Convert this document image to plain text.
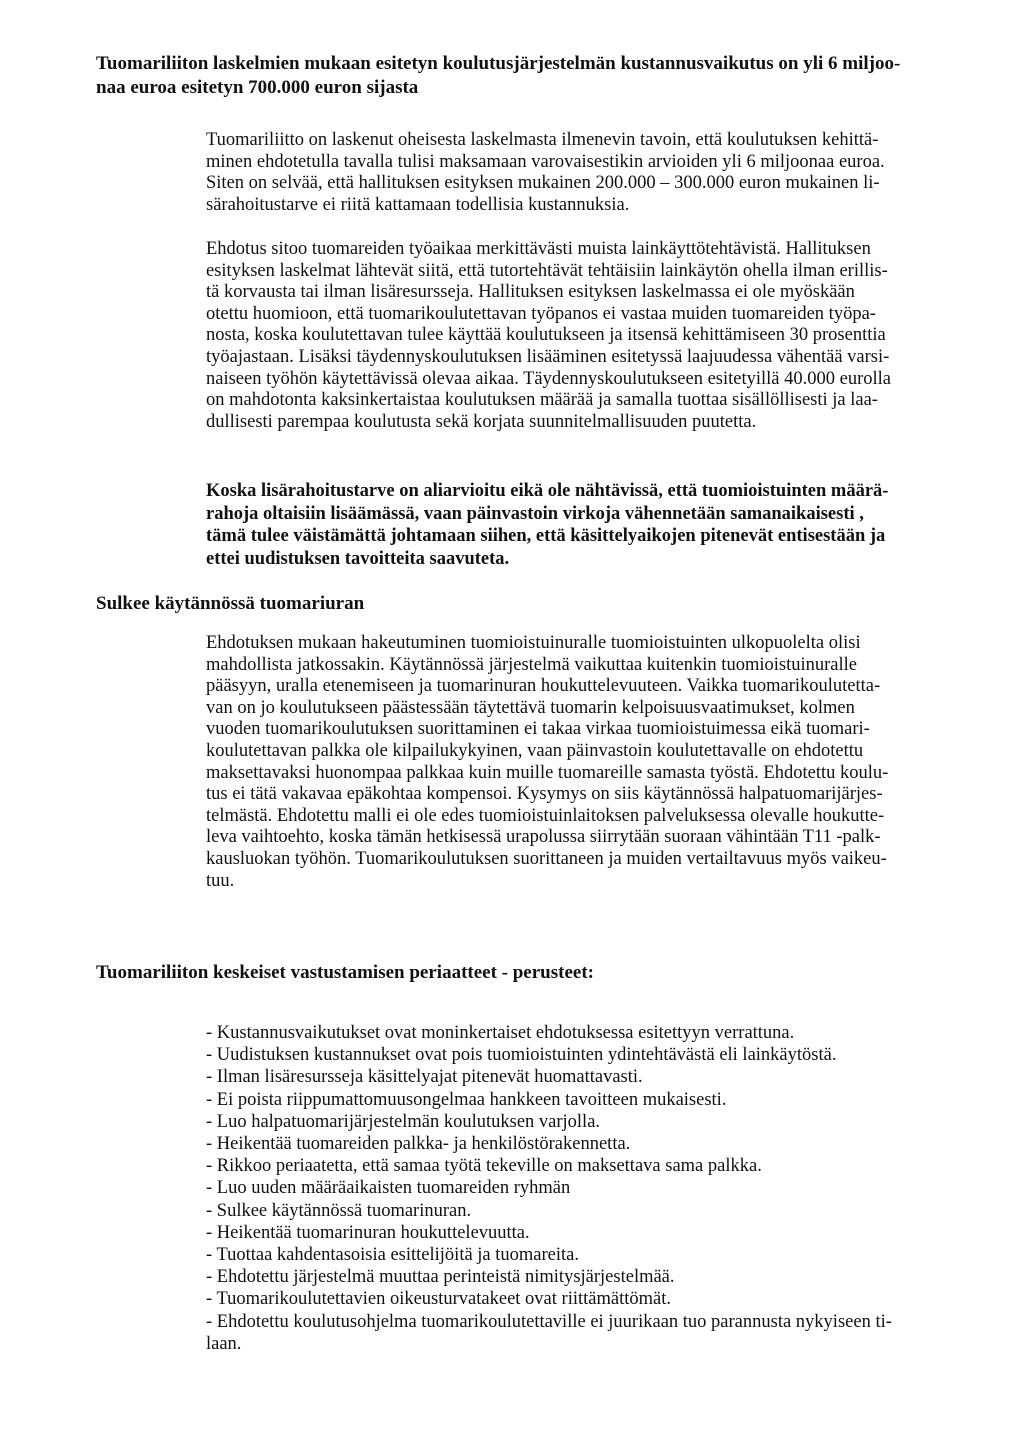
Tuomariliiton laskelmien mukaan esitetyn koulutusjärjestelmän kustannusvaikutus on yli 6 miljoo-
naa euroa esitetyn 700.000 euron sijasta

Tuomariliitto on laskenut oheisesta laskelmasta ilmenevin tavoin, että koulutuksen kehittä-
minen ehdotetulla tavalla tulisi maksamaan varovaisestikin arvioiden yli 6 miljoonaa euroa.
Siten on selvää, että hallituksen esityksen mukainen 200.000 – 300.000 euron mukainen li-
särahoitustarve ei riitä kattamaan todellisia kustannuksia.

Ehdotus sitoo tuomareiden työaikaa merkittävästi muista lainkäyttötehtävistä. Hallituksen
esityksen laskelmat lähtevät siitä, että tutortehtävät tehtäisiin lainkäytön ohella ilman erillis-
tä korvausta tai ilman lisäresursseja. Hallituksen esityksen laskelmassa ei ole myöskään
otettu huomioon, että tuomarikoulutettavan työpanos ei vastaa muiden tuomareiden työpa-
nosta, koska koulutettavan tulee käyttää koulutukseen ja itsensä kehittämiseen 30 prosenttia
työajastaan. Lisäksi täydennyskoulutuksen lisääminen esitetyssä laajuudessa vähentää varsi-
naiseen työhön käytettävissä olevaa aikaa. Täydennyskoulutukseen esitetyillä 40.000 eurolla
on mahdotonta kaksinkertaistaa koulutuksen määrää ja samalla tuottaa sisällöllisesti ja laa-
dullisesti parempaa koulutusta sekä korjata suunnitelmallisuuden puutetta.

Koska lisärahoitustarve on aliarvioitu eikä ole nähtävissä, että tuomioistuinten määrä-
rahoja oltaisiin lisäämässä, vaan päinvastoin virkoja vähennetään samanaikaisesti ,
tämä tulee väistämättä johtamaan siihen, että käsittelyaikojen pitenevät entisestään ja
ettei uudistuksen tavoitteita saavuteta.

Sulkee käytännössä tuomariuran

Ehdotuksen mukaan hakeutuminen tuomioistuinuralle tuomioistuinten ulkopuolelta olisi
mahdollista jatkossakin. Käytännössä järjestelmä vaikuttaa kuitenkin tuomioistuinuralle
pääsyyn, uralla etenemiseen ja tuomarinuran houkuttelevuuteen. Vaikka tuomarikoulutetta-
van on jo koulutukseen päästessään täytettävä tuomarin kelpoisuusvaatimukset, kolmen
vuoden tuomarikoulutuksen suorittaminen ei takaa virkaa tuomioistuimessa eikä tuomari-
koulutettavan palkka ole kilpailukykyinen, vaan päinvastoin koulutettavalle on ehdotettu
maksettavaksi huonompaa palkkaa kuin muille tuomareille samasta työstä. Ehdotettu koulu-
tus ei tätä vakavaa epäkohtaa kompensoi. Kysymys on siis käytännössä halpatuomarijärjes-
telmästä. Ehdotettu malli ei ole edes tuomioistuinlaitoksen palveluksessa olevalle houkutte-
leva vaihtoehto, koska tämän hetkisessä urapolussa siirrytään suoraan vähintään T11 -palk-
kausluokan työhön. Tuomarikoulutuksen suorittaneen ja muiden vertailtavuus myös vaikeu-
tuu.

Tuomariliiton keskeiset vastustamisen periaatteet - perusteet:
- Kustannusvaikutukset ovat moninkertaiset ehdotuksessa esitettyyn verrattuna.
- Uudistuksen kustannukset ovat pois tuomioistuinten ydintehtävästä eli lainkäytöstä.
- Ilman lisäresursseja käsittelyajat pitenevät huomattavasti.
- Ei poista riippumattomuusongelmaa hankkeen tavoitteen mukaisesti.
- Luo halpatuomarijärjestelmän koulutuksen varjolla.
- Heikentää tuomareiden palkka- ja henkilöstörakennetta.
- Rikkoo periaatetta, että samaa työtä tekeville on maksettava sama palkka.
- Luo uuden määräaikaisten tuomareiden ryhmän
- Sulkee käytännössä tuomarinuran.
- Heikentää tuomarinuran houkuttelevuutta.
- Tuottaa kahdentasoisia esittelijöitä ja tuomareita.
- Ehdotettu järjestelmä muuttaa perinteistä nimitysjärjestelmää.
- Tuomarikoulutettavien oikeusturvatakeet ovat riittämättömät.
- Ehdotettu koulutusohjelma tuomarikoulutettaville ei juurikaan tuo parannusta nykyiseen ti-
laan.
